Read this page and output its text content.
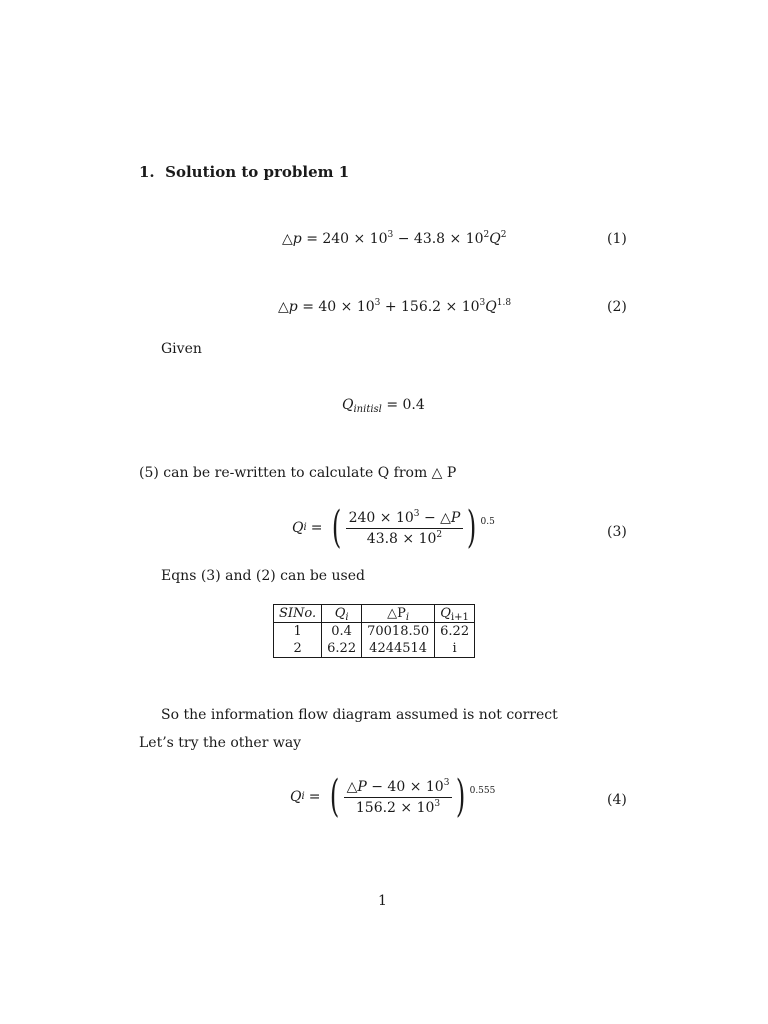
1. Solution to problem 1
△p = $240 \times 10^3 - 43.8 \times 10^2Q^2$	(1)
△p = $40 \times 10^3 + 156.2 \times 10^3Q^{1.8}$	(2)
Given
$Q_{initisl} = 0.4$
(5) can be re-written to calculate Q from △ P
Q i = ( $\frac{240 \times 10^3 - \triangle P}{43.8 \times 10^2}$ ) 0.5
(3)
Eqns (3) and (2) can be used
SINo.	$Q_i$	$\triangle P_i$	$Q_{i+1}$
1	0.4	70018.50	6.22
2	6.22	4244514	i
So the information flow diagram assumed is not correct
Let’s try the other way
Q i = ( $\frac{\triangle P - 40 \times 10^3}{156.2 \times 10^3}$ ) 0.555
(4)
1
